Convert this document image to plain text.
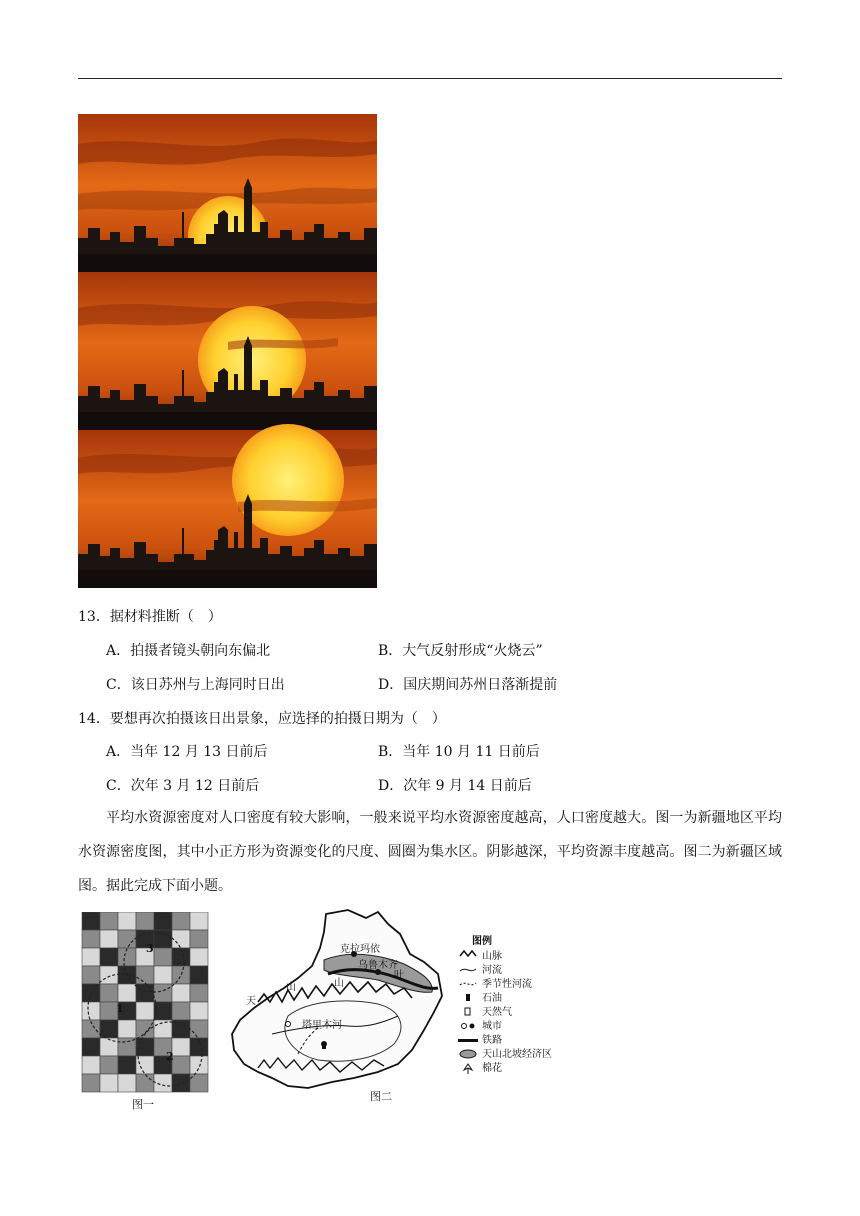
13．据材料推断（　）
A．拍摄者镜头朝向东偏北	B．大气反射形成“火烧云”
C．该日苏州与上海同时日出	D．国庆期间苏州日落渐提前
14．要想再次拍摄该日出景象，应选择的拍摄日期为（　）
A．当年 12 月 13 日前后	B．当年 10 月 11 日前后
C．次年 3 月 12 日前后	D．次年 9 月 14 日前后
平均水资源密度对人口密度有较大影响，一般来说平均水资源密度越高，人口密度越大。图一为新疆地区平均水资源密度图，其中小正方形为资源变化的尺度、圆圈为集水区。阴影越深，平均资源丰度越高。图二为新疆区域图。据此完成下面小题。
3
1
2
图一
克拉玛依
乌鲁木齐
塔里木河
天
山	山
叶
图例
山脉
河流
季节性河流
石油
天然气
城市
铁路
天山北坡经济区
棉花
图二
